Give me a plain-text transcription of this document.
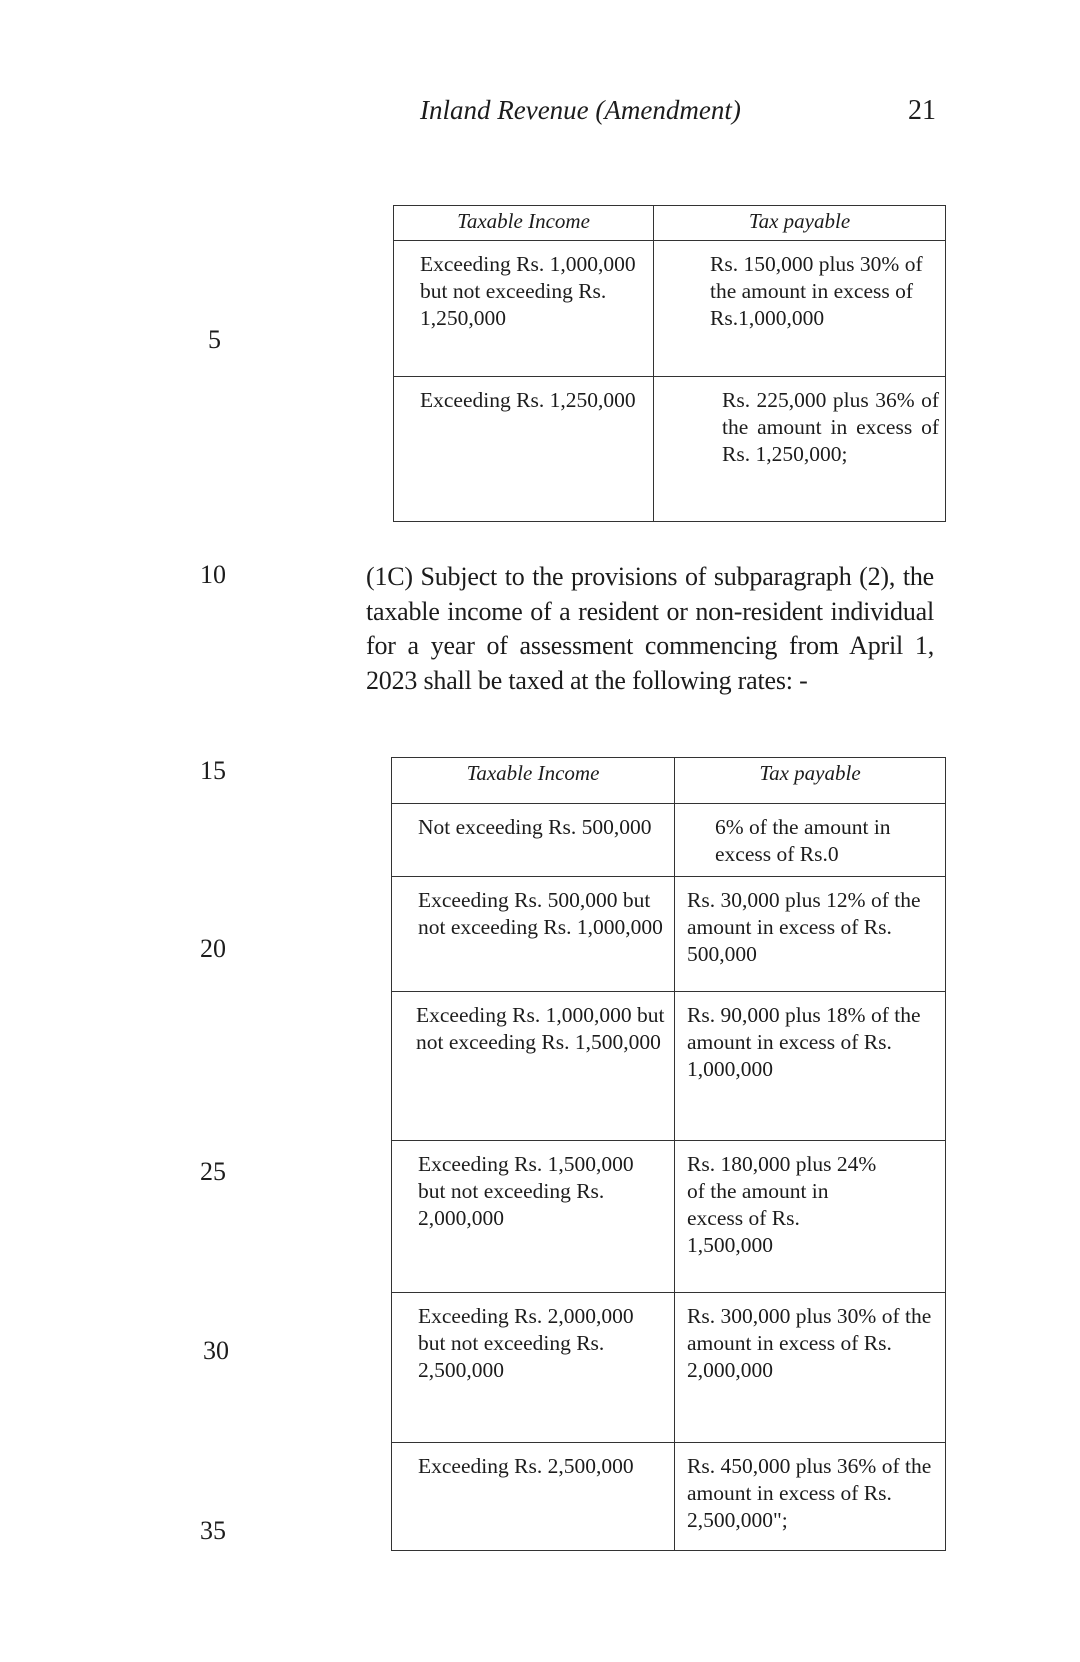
Inland Revenue (Amendment)	21
5
10
15
20
25
30
35
Taxable Income	Tax payable
Exceeding Rs. 1,000,000 but not exceeding Rs. 1,250,000	Rs. 150,000 plus 30% of the amount in excess of Rs.1,000,000
Exceeding Rs. 1,250,000	Rs. 225,000 plus 36% of the amount in excess of Rs. 1,250,000;
(1C) Subject to the provisions of subparagraph (2), the taxable income of a resident or non-resident individual for a year of assessment commencing from April 1, 2023 shall be taxed at the following rates: -
Taxable Income	Tax payable
Not exceeding Rs. 500,000	6% of the amount in excess of Rs.0
Exceeding Rs. 500,000 but not exceeding Rs. 1,000,000	Rs. 30,000 plus 12% of the amount in excess of Rs. 500,000
Exceeding Rs. 1,000,000 but not exceeding Rs. 1,500,000	Rs. 90,000 plus 18% of the amount in excess of Rs. 1,000,000
Exceeding Rs. 1,500,000 but not exceeding Rs. 2,000,000	Rs. 180,000 plus 24% of the amount in excess of Rs. 1,500,000
Exceeding Rs. 2,000,000 but not exceeding Rs. 2,500,000	Rs. 300,000 plus 30% of the amount in excess of Rs. 2,000,000
Exceeding Rs. 2,500,000	Rs. 450,000 plus 36% of the amount in excess of Rs. 2,500,000";
